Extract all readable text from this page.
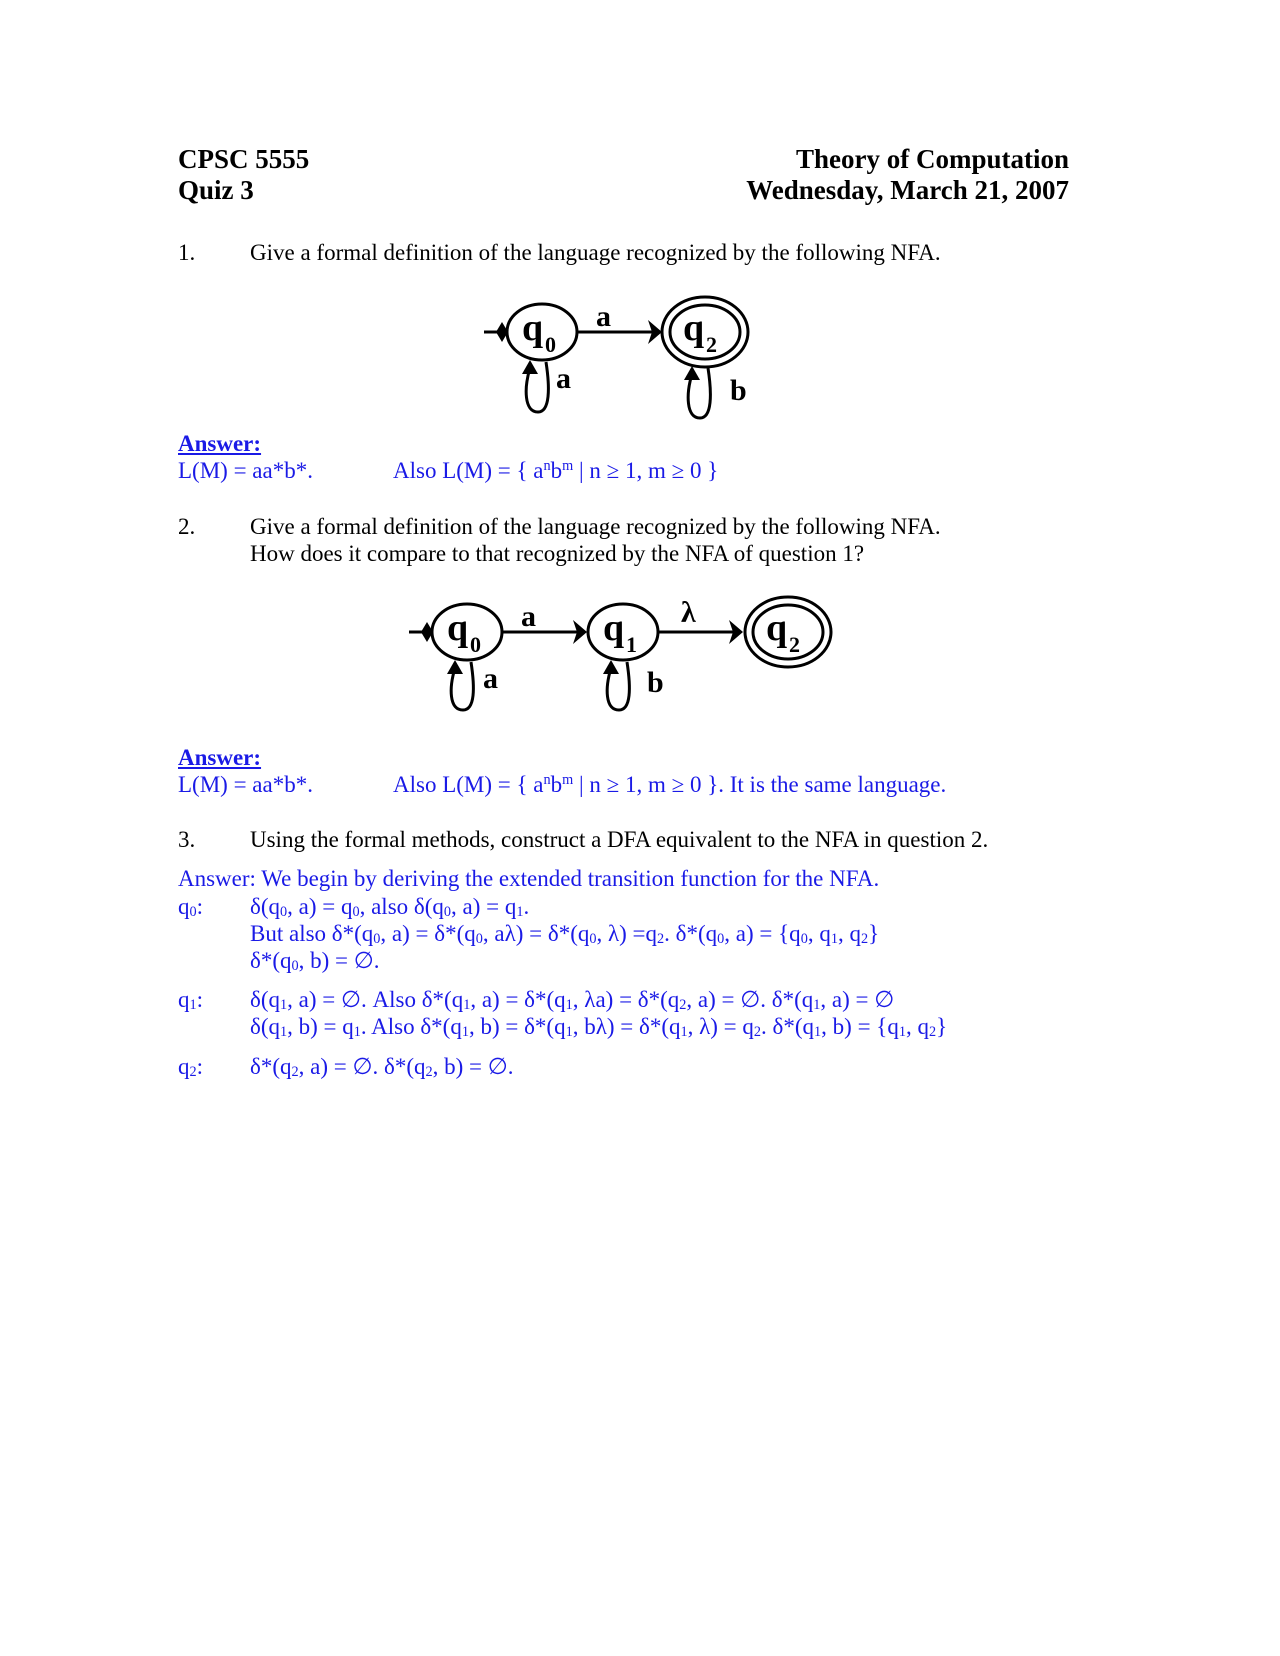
CPSC 5555
Quiz 3
Theory of Computation
Wednesday, March 21, 2007
1. Give a formal definition of the language recognized by the following NFA.
q 0
a q 2
a	b
Answer:
L(M) = aa*b*.	Also L(M) = { $a^nb^m$ | n ≥ 1, m ≥ 0 }
2. Give a formal definition of the language recognized by the following NFA.
How does it compare to that recognized by the NFA of question 1?
q 0
a q 1
λ q 2
a	b
Answer:
L(M) = aa*b*.	Also L(M) = { $a^nb^m$ | n ≥ 1, m ≥ 0 }. It is the same language.
3. Using the formal methods, construct a DFA equivalent to the NFA in question 2.
Answer: We begin by deriving the extended transition function for the NFA.
$q_0$: $\delta(q_0$, $a) = q_0$, also $\delta(q_0$, $a) = q_1$.
But also $\delta*(q_0$, $a) = \delta*(q_0$, $a\lambda) = \delta*(q_0$, $\lambda) =q_2$. $\delta*(q_0$, $a) = \{q_0$, $q_1$, $q_2$}
$\delta*(q_0$, b) = ∅.
$q_1$: $\delta(q_1$, a) = ∅. Also $\delta*(q_1$, $a) = \delta*(q_1$, $\lambda a) = \delta*(q_2$, a) = ∅. $\delta*(q_1$, a) = ∅
$\delta(q_1$, $b) = q_1$. Also $\delta*(q_1$, $b) = \delta*(q_1$, $b\lambda) = \delta*(q_1$, $\lambda) = q_2$. $\delta*(q_1$, $b) = \{q_1$, $q_2$}
$q_2$: $\delta*(q_2$, a) = ∅. $\delta*(q_2$, b) = ∅.
